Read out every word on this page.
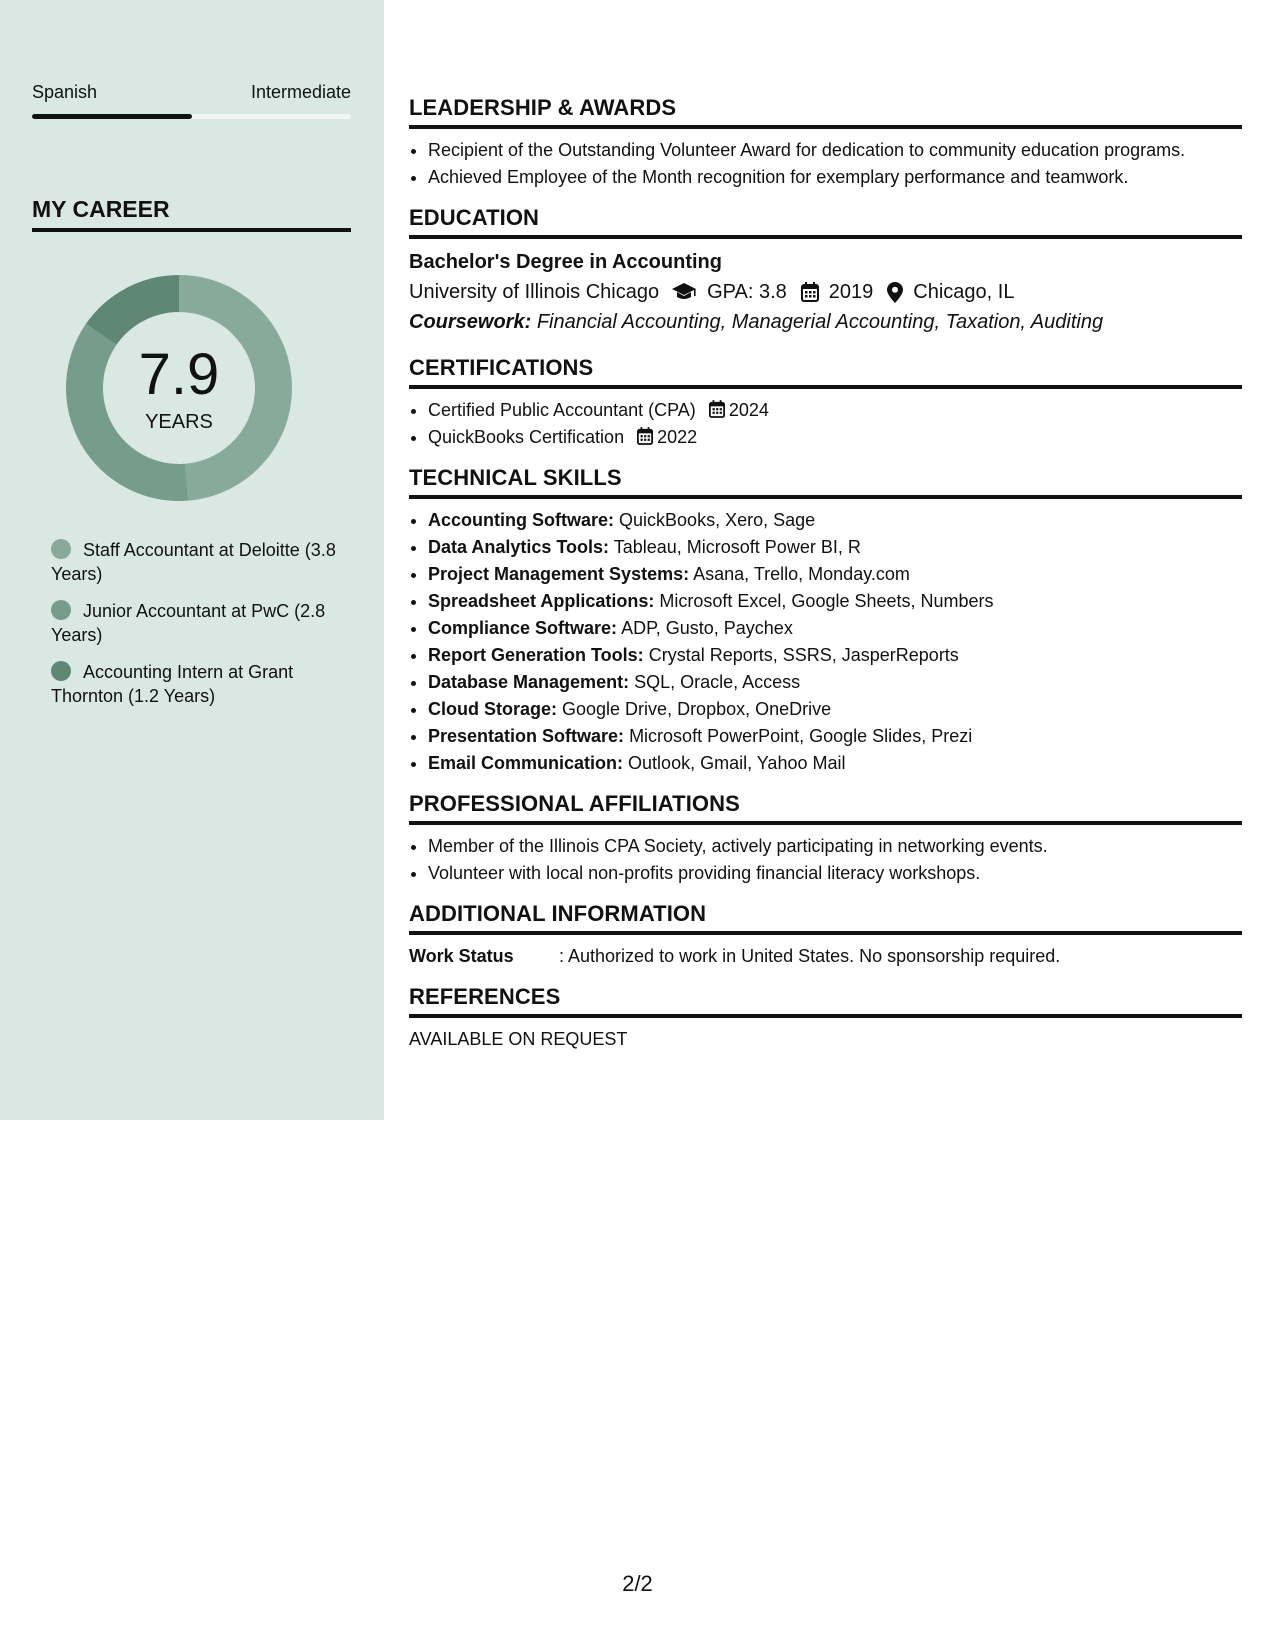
Spanish	Intermediate
MY CAREER
7.9
YEARS
Staff Accountant at Deloitte (3.8 Years)
Junior Accountant at PwC (2.8 Years)
Accounting Intern at Grant Thornton (1.2 Years)
LEADERSHIP & AWARDS
• Recipient of the Outstanding Volunteer Award for dedication to community education programs.
• Achieved Employee of the Month recognition for exemplary performance and teamwork.
EDUCATION
Bachelor's Degree in Accounting
University of Illinois Chicago GPA: 3.8 2019 Chicago, IL
Coursework: Financial Accounting, Managerial Accounting, Taxation, Auditing
CERTIFICATIONS
• Certified Public Accountant (CPA) 2024
• QuickBooks Certification 2022
TECHNICAL SKILLS
• Accounting Software: QuickBooks, Xero, Sage
• Data Analytics Tools: Tableau, Microsoft Power BI, R
• Project Management Systems: Asana, Trello, Monday.com
• Spreadsheet Applications: Microsoft Excel, Google Sheets, Numbers
• Compliance Software: ADP, Gusto, Paychex
• Report Generation Tools: Crystal Reports, SSRS, JasperReports
• Database Management: SQL, Oracle, Access
• Cloud Storage: Google Drive, Dropbox, OneDrive
• Presentation Software: Microsoft PowerPoint, Google Slides, Prezi
• Email Communication: Outlook, Gmail, Yahoo Mail
PROFESSIONAL AFFILIATIONS
• Member of the Illinois CPA Society, actively participating in networking events.
• Volunteer with local non-profits providing financial literacy workshops.
ADDITIONAL INFORMATION
Work Status	: Authorized to work in United States. No sponsorship required.
REFERENCES
AVAILABLE ON REQUEST
2/2
